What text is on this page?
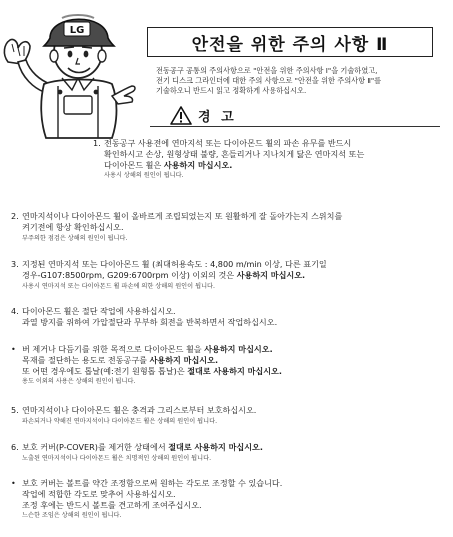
LG
안전을 위한 주의 사항 Ⅱ
전동공구 공통의 주의사항으로 "안전을 위한 주의사항 Ⅰ"을 기술하였고,
전기 디스크 그라인더에 대한 주의 사항으로 "안전을 위한 주의사항 Ⅱ"를
기술하오니 반드시 읽고 정확하게 사용하십시오.
경 고
1. 전동공구 사용전에 연마지석 또는 다이아몬드 휠의 파손 유무를 반드시
확인하시고 손상, 원형상태 불량, 흔들리거나 지나치게 닳은 연마지석 또는
다이아몬드 휠은 사용하지 마십시오.
사용시 상해의 원인이 됩니다.
2. 연마지석이나 다이아몬드 휠이 올바르게 조립되었는지 또 원활하게 잘 돌아가는지 스위치를
켜기전에 항상 확인하십시오.
부주의한 점검은 상해의 원인이 됩니다.
3. 지정된 연마지석 또는 다이아몬드 휠 (최대허용속도 : 4,800 m/min 이상, 다른 표기일
경우-G107:8500rpm, G209:6700rpm 이상) 이외의 것은 사용하지 마십시오.
사용시 연마지석 또는 다이아몬드 휠 파손에 의한 상해의 원인이 됩니다.
4. 다이아몬드 휠은 절단 작업에 사용하십시오.
과열 방지를 위하여 가압절단과 무부하 회전을 반복하면서 작업하십시오.
• 버 제거나 다듬기를 위한 목적으로 다이아몬드 휠을 사용하지 마십시오.
목재를 절단하는 용도로 전동공구를 사용하지 마십시오.
또 어떤 경우에도 톱날(예:전기 원형톱 톱날)은 절대로 사용하지 마십시오.
용도 이외의 사용은 상해의 원인이 됩니다.
5. 연마지석이나 다이아몬드 휠은 충격과 그리스로부터 보호하십시오.
파손되거나 약해진 연마지석이나 다이아몬드 휠은 상해의 원인이 됩니다.
6. 보호 커버(P-COVER)를 제거한 상태에서 절대로 사용하지 마십시오.
노출된 연마지석이나 다이아몬드 휠은 치명적인 상해의 원인이 됩니다.
• 보호 커버는 볼트를 약간 조정함으로써 원하는 각도로 조정할 수 있습니다.
작업에 적합한 각도로 맞추어 사용하십시오.
조정 후에는 반드시 볼트를 견고하게 조여주십시오.
느슨한 조임은 상해의 원인이 됩니다.
